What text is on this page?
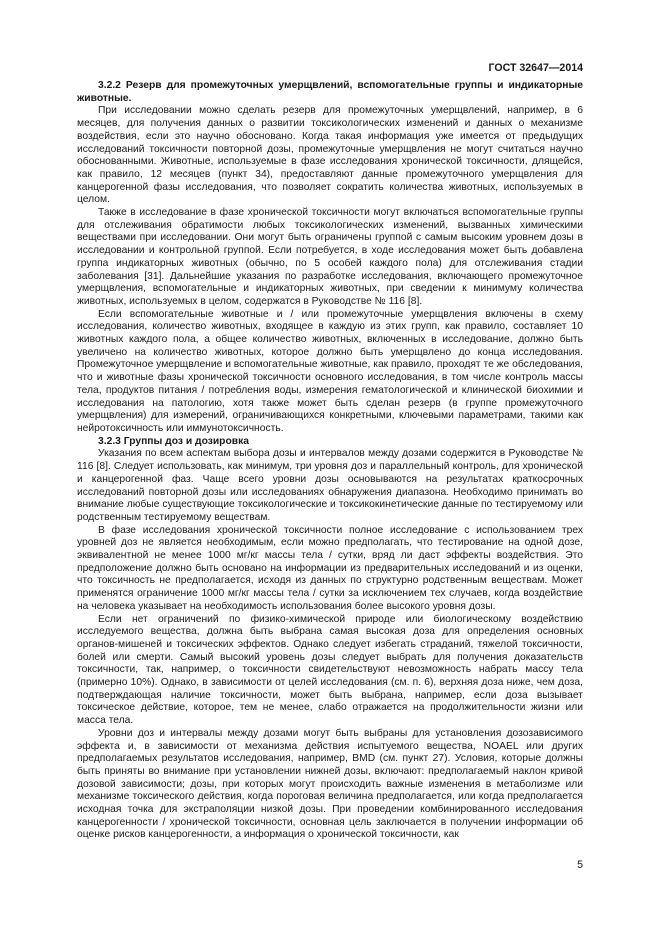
ГОСТ 32647—2014

3.2.2 Резерв для промежуточных умерщвлений, вспомогательные группы и индикаторные животные.

При исследовании можно сделать резерв для промежуточных умерщвлений, например, в 6 месяцев, для получения данных о развитии токсикологических изменений и данных о механизме воздействия, если это научно обосновано. Когда такая информация уже имеется от предыдущих исследований токсичности повторной дозы, промежуточные умерщвления не могут считаться научно обоснованными. Животные, используемые в фазе исследования хронической токсичности, длящейся, как правило, 12 месяцев (пункт 34), предоставляют данные промежуточного умерщвления для канцерогенной фазы исследования, что позволяет сократить количества животных, используемых в целом.

Также в исследование в фазе хронической токсичности могут включаться вспомогательные группы для отслеживания обратимости любых токсикологических изменений, вызванных химическими веществами при исследовании. Они могут быть ограничены группой с самым высоким уровнем дозы в исследовании и контрольной группой. Если потребуется, в ходе исследования может быть добавлена группа индикаторных животных (обычно, по 5 особей каждого пола) для отслеживания стадии заболевания [31]. Дальнейшие указания по разработке исследования, включающего промежуточное умерщвления, вспомогательные и индикаторных животных, при сведении к минимуму количества животных, используемых в целом, содержатся в Руководстве № 116 [8].

Если вспомогательные животные и / или промежуточные умерщвления включены в схему исследования, количество животных, входящее в каждую из этих групп, как правило, составляет 10 животных каждого пола, а общее количество животных, включенных в исследование, должно быть увеличено на количество животных, которое должно быть умерщвлено до конца исследования. Промежуточное умерщвление и вспомогательные животные, как правило, проходят те же обследования, что и животные фазы хронической токсичности основного исследования, в том числе контроль массы тела, продуктов питания / потребления воды, измерения гематологической и клинической биохимии и исследования на патологию, хотя также может быть сделан резерв (в группе промежуточного умерщвления) для измерений, ограничивающихся конкретными, ключевыми параметрами, такими как нейротоксичность или иммунотоксичность.

3.2.3 Группы доз и дозировка

Указания по всем аспектам выбора дозы и интервалов между дозами содержится в Руководстве № 116 [8]. Следует использовать, как минимум, три уровня доз и параллельный контроль, для хронической и канцерогенной фаз. Чаще всего уровни дозы основываются на результатах краткосрочных исследований повторной дозы или исследованиях обнаружения диапазона. Необходимо принимать во внимание любые существующие токсикологические и токсикокинетические данные по тестируемому или родственным тестируемому веществам.

В фазе исследования хронической токсичности полное исследование с использованием трех уровней доз не является необходимым, если можно предполагать, что тестирование на одной дозе, эквивалентной не менее 1000 мг/кг массы тела / сутки, вряд ли даст эффекты воздействия. Это предположение должно быть основано на информации из предварительных исследований и из оценки, что токсичность не предполагается, исходя из данных по структурно родственным веществам. Может применятся ограничение 1000 мг/кг массы тела / сутки за исключением тех случаев, когда воздействие на человека указывает на необходимость использования более высокого уровня дозы.

Если нет ограничений по физико-химической природе или биологическому воздействию исследуемого вещества, должна быть выбрана самая высокая доза для определения основных органов-мишеней и токсических эффектов. Однако следует избегать страданий, тяжелой токсичности, болей или смерти. Самый высокий уровень дозы следует выбрать для получения доказательств токсичности, так, например, о токсичности свидетельствуют невозможность набрать массу тела (примерно 10%). Однако, в зависимости от целей исследования (см. п. 6), верхняя доза ниже, чем доза, подтверждающая наличие токсичности, может быть выбрана, например, если доза вызывает токсическое действие, которое, тем не менее, слабо отражается на продолжительности жизни или масса тела.

Уровни доз и интервалы между дозами могут быть выбраны для установления дозозависимого эффекта и, в зависимости от механизма действия испытуемого вещества, NOAEL или других предполагаемых результатов исследования, например, BMD (см. пункт 27). Условия, которые должны быть приняты во внимание при установлении нижней дозы, включают: предполагаемый наклон кривой дозовой зависимости; дозы, при которых могут происходить важные изменения в метаболизме или механизме токсического действия, когда пороговая величина предполагается, или когда предполагается исходная точка для экстраполяции низкой дозы. При проведении комбинированного исследования канцерогенности / хронической токсичности, основная цель заключается в получении информации об оценке рисков канцерогенности, а информация о хронической токсичности, как

5
